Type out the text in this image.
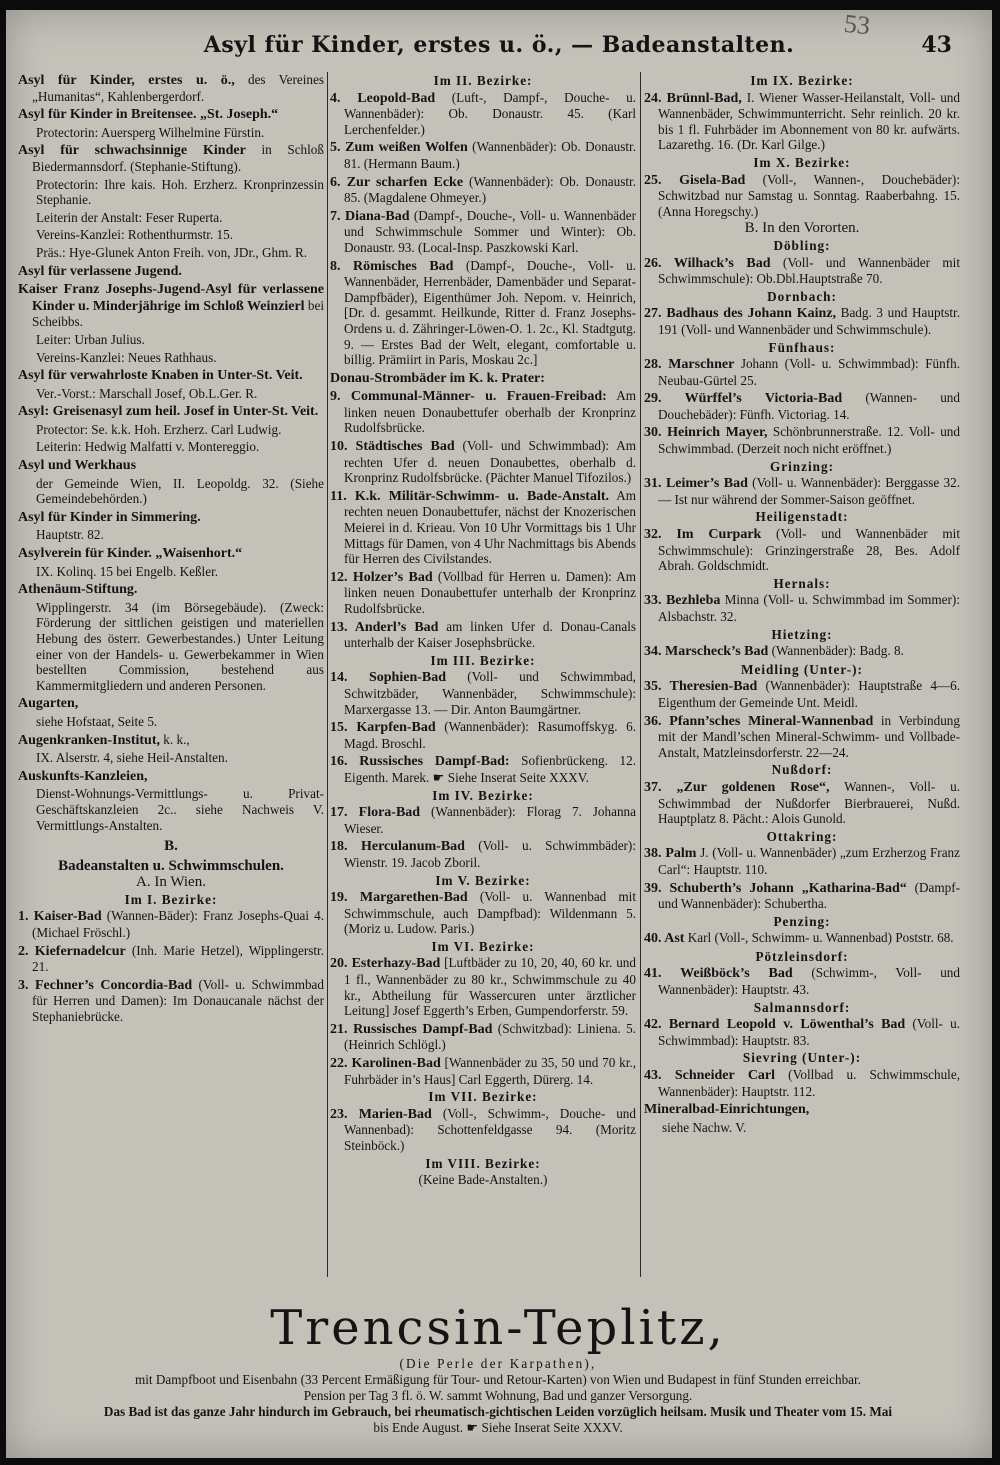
53
Asyl für Kinder, erstes u. ö., — Badeanstalten.	43
Asyl für Kinder, erstes u. ö., des Vereines „Humanitas“, Kahlenbergerdorf.
Asyl für Kinder in Breitensee. „St. Joseph.“
Protectorin: Auersperg Wilhelmine Fürstin.
Asyl für schwachsinnige Kinder in Schloß Biedermannsdorf. (Stephanie-Stiftung).
Protectorin: Ihre kais. Hoh. Erzherz. Kronprinzessin Stephanie.
Leiterin der Anstalt: Feser Ruperta.
Vereins-Kanzlei: Rothenthurmstr. 15.
Präs.: Hye-Glunek Anton Freih. von, JDr., Ghm. R.
Asyl für verlassene Jugend.
Kaiser Franz Josephs-Jugend-Asyl für verlassene Kinder u. Minderjährige im Schloß Weinzierl bei Scheibbs.
Leiter: Urban Julius.
Vereins-Kanzlei: Neues Rathhaus.
Asyl für verwahrloste Knaben in Unter-St. Veit.
Ver.-Vorst.: Marschall Josef, Ob.L.Ger. R.
Asyl: Greisenasyl zum heil. Josef in Unter-St. Veit.
Protector: Se. k.k. Hoh. Erzherz. Carl Ludwig.
Leiterin: Hedwig Malfatti v. Montereggio.
Asyl und Werkhaus
der Gemeinde Wien, II. Leopoldg. 32. (Siehe Gemeindebehörden.)
Asyl für Kinder in Simmering.
Hauptstr. 82.
Asylverein für Kinder. „Waisenhort.“
IX. Kolinq. 15 bei Engelb. Keßler.
Athenäum-Stiftung.
Wipplingerstr. 34 (im Börsegebäude). (Zweck: Förderung der sittlichen geistigen und materiellen Hebung des österr. Gewerbestandes.) Unter Leitung einer von der Handels- u. Gewerbekammer in Wien bestellten Commission, bestehend aus Kammermitgliedern und anderen Personen.
Augarten,
siehe Hofstaat, Seite 5.
Augenkranken-Institut, k. k.,
IX. Alserstr. 4, siehe Heil-Anstalten.
Auskunfts-Kanzleien,
Dienst-Wohnungs-Vermittlungs- u. Privat-Geschäftskanzleien 2c.. siehe Nachweis V. Vermittlungs-Anstalten.
B.
Badeanstalten u. Schwimmschulen.
A. In Wien.
Im I. Bezirke:
1. Kaiser-Bad (Wannen-Bäder): Franz Josephs-Quai 4. (Michael Fröschl.)
2. Kiefernadelcur (Inh. Marie Hetzel), Wipplingerstr. 21.
3. Fechner’s Concordia-Bad (Voll- u. Schwimmbad für Herren und Damen): Im Donaucanale nächst der Stephaniebrücke.
Im II. Bezirke:
4. Leopold-Bad (Luft-, Dampf-, Douche- u. Wannenbäder): Ob. Donaustr. 45. (Karl Lerchenfelder.)
5. Zum weißen Wolfen (Wannenbäder): Ob. Donaustr. 81. (Hermann Baum.)
6. Zur scharfen Ecke (Wannenbäder): Ob. Donaustr. 85. (Magdalene Ohmeyer.)
7. Diana-Bad (Dampf-, Douche-, Voll- u. Wannenbäder und Schwimmschule Sommer und Winter): Ob. Donaustr. 93. (Local-Insp. Paszkowski Karl.
8. Römisches Bad (Dampf-, Douche-, Voll- u. Wannenbäder, Herrenbäder, Damenbäder und Separat-Dampfbäder), Eigenthümer Joh. Nepom. v. Heinrich, [Dr. d. gesammt. Heilkunde, Ritter d. Franz Josephs-Ordens u. d. Zähringer-Löwen-O. 1. 2c., Kl. Stadtgutg. 9. — Erstes Bad der Welt, elegant, comfortable u. billig. Prämiirt in Paris, Moskau 2c.]
Donau-Strombäder im K. k. Prater:
9. Communal-Männer- u. Frauen-Freibad: Am linken neuen Donaubettufer oberhalb der Kronprinz Rudolfsbrücke.
10. Städtisches Bad (Voll- und Schwimmbad): Am rechten Ufer d. neuen Donaubettes, oberhalb d. Kronprinz Rudolfsbrücke. (Pächter Manuel Tifozilos.)
11. K.k. Militär-Schwimm- u. Bade-Anstalt. Am rechten neuen Donaubettufer, nächst der Knozerischen Meierei in d. Krieau. Von 10 Uhr Vormittags bis 1 Uhr Mittags für Damen, von 4 Uhr Nachmittags bis Abends für Herren des Civilstandes.
12. Holzer’s Bad (Vollbad für Herren u. Damen): Am linken neuen Donaubettufer unterhalb der Kronprinz Rudolfsbrücke.
13. Anderl’s Bad am linken Ufer d. Donau-Canals unterhalb der Kaiser Josephsbrücke.
Im III. Bezirke:
14. Sophien-Bad (Voll- und Schwimmbad, Schwitzbäder, Wannenbäder, Schwimmschule): Marxergasse 13. — Dir. Anton Baumgärtner.
15. Karpfen-Bad (Wannenbäder): Rasumoffskyg. 6. Magd. Broschl.
16. Russisches Dampf-Bad: Sofienbrückeng. 12. Eigenth. Marek. ☛ Siehe Inserat Seite XXXV.
Im IV. Bezirke:
17. Flora-Bad (Wannenbäder): Florag 7. Johanna Wieser.
18. Herculanum-Bad (Voll- u. Schwimmbäder): Wienstr. 19. Jacob Zboril.
Im V. Bezirke:
19. Margarethen-Bad (Voll- u. Wannenbad mit Schwimmschule, auch Dampfbad): Wildenmann 5. (Moriz u. Ludow. Paris.)
Im VI. Bezirke:
20. Esterhazy-Bad [Luftbäder zu 10, 20, 40, 60 kr. und 1 fl., Wannenbäder zu 80 kr., Schwimmschule zu 40 kr., Abtheilung für Wassercuren unter ärztlicher Leitung] Josef Eggerth’s Erben, Gumpendorferstr. 59.
21. Russisches Dampf-Bad (Schwitzbad): Liniena. 5. (Heinrich Schlögl.)
22. Karolinen-Bad [Wannenbäder zu 35, 50 und 70 kr., Fuhrbäder in’s Haus] Carl Eggerth, Dürerg. 14.
Im VII. Bezirke:
23. Marien-Bad (Voll-, Schwimm-, Douche- und Wannenbad): Schottenfeldgasse 94. (Moritz Steinböck.)
Im VIII. Bezirke:
(Keine Bade-Anstalten.)
Im IX. Bezirke:
24. Brünnl-Bad, I. Wiener Wasser-Heilanstalt, Voll- und Wannenbäder, Schwimmunterricht. Sehr reinlich. 20 kr. bis 1 fl. Fuhrbäder im Abonnement von 80 kr. aufwärts. Lazarethg. 16. (Dr. Karl Gilge.)
Im X. Bezirke:
25. Gisela-Bad (Voll-, Wannen-, Douchebäder): Schwitzbad nur Samstag u. Sonntag. Raaberbahng. 15. (Anna Horegschy.)
B. In den Vororten.
Döbling:
26. Wilhack’s Bad (Voll- und Wannenbäder mit Schwimmschule): Ob.Dbl.Hauptstraße 70.
Dornbach:
27. Badhaus des Johann Kainz, Badg. 3 und Hauptstr. 191 (Voll- und Wannenbäder und Schwimmschule).
Fünfhaus:
28. Marschner Johann (Voll- u. Schwimmbad): Fünfh. Neubau-Gürtel 25.
29. Würffel’s Victoria-Bad (Wannen- und Douchebäder): Fünfh. Victoriag. 14.
30. Heinrich Mayer, Schönbrunnerstraße. 12. Voll- und Schwimmbad. (Derzeit noch nicht eröffnet.)
Grinzing:
31. Leimer’s Bad (Voll- u. Wannenbäder): Berggasse 32. — Ist nur während der Sommer-Saison geöffnet.
Heiligenstadt:
32. Im Curpark (Voll- und Wannenbäder mit Schwimmschule): Grinzingerstraße 28, Bes. Adolf Abrah. Goldschmidt.
Hernals:
33. Bezhleba Minna (Voll- u. Schwimmbad im Sommer): Alsbachstr. 32.
Hietzing:
34. Marscheck’s Bad (Wannenbäder): Badg. 8.
Meidling (Unter-):
35. Theresien-Bad (Wannenbäder): Hauptstraße 4—6. Eigenthum der Gemeinde Unt. Meidl.
36. Pfann’sches Mineral-Wannenbad in Verbindung mit der Mandl’schen Mineral-Schwimm- und Vollbade-Anstalt, Matzleinsdorferstr. 22—24.
Nußdorf:
37. „Zur goldenen Rose“, Wannen-, Voll- u. Schwimmbad der Nußdorfer Bierbrauerei, Nußd. Hauptplatz 8. Pächt.: Alois Gunold.
Ottakring:
38. Palm J. (Voll- u. Wannenbäder) „zum Erzherzog Franz Carl“: Hauptstr. 110.
39. Schuberth’s Johann „Katharina-Bad“ (Dampf- und Wannenbäder): Schubertha.
Penzing:
40. Ast Karl (Voll-, Schwimm- u. Wannenbad) Poststr. 68.
Pötzleinsdorf:
41. Weißböck’s Bad (Schwimm-, Voll- und Wannenbäder): Hauptstr. 43.
Salmannsdorf:
42. Bernard Leopold v. Löwenthal’s Bad (Voll- u. Schwimmbad): Hauptstr. 83.
Sievring (Unter-):
43. Schneider Carl (Vollbad u. Schwimmschule, Wannenbäder): Hauptstr. 112.
Mineralbad-Einrichtungen,
siehe Nachw. V.
Trencsin-Teplitz,
(Die Perle der Karpathen),
mit Dampfboot und Eisenbahn (33 Percent Ermäßigung für Tour- und Retour-Karten) von Wien und Budapest in fünf Stunden erreichbar.
Pension per Tag 3 fl. ö. W. sammt Wohnung, Bad und ganzer Versorgung.
Das Bad ist das ganze Jahr hindurch im Gebrauch, bei rheumatisch-gichtischen Leiden vorzüglich heilsam. Musik und Theater vom 15. Mai
bis Ende August. ☛ Siehe Inserat Seite XXXV.
